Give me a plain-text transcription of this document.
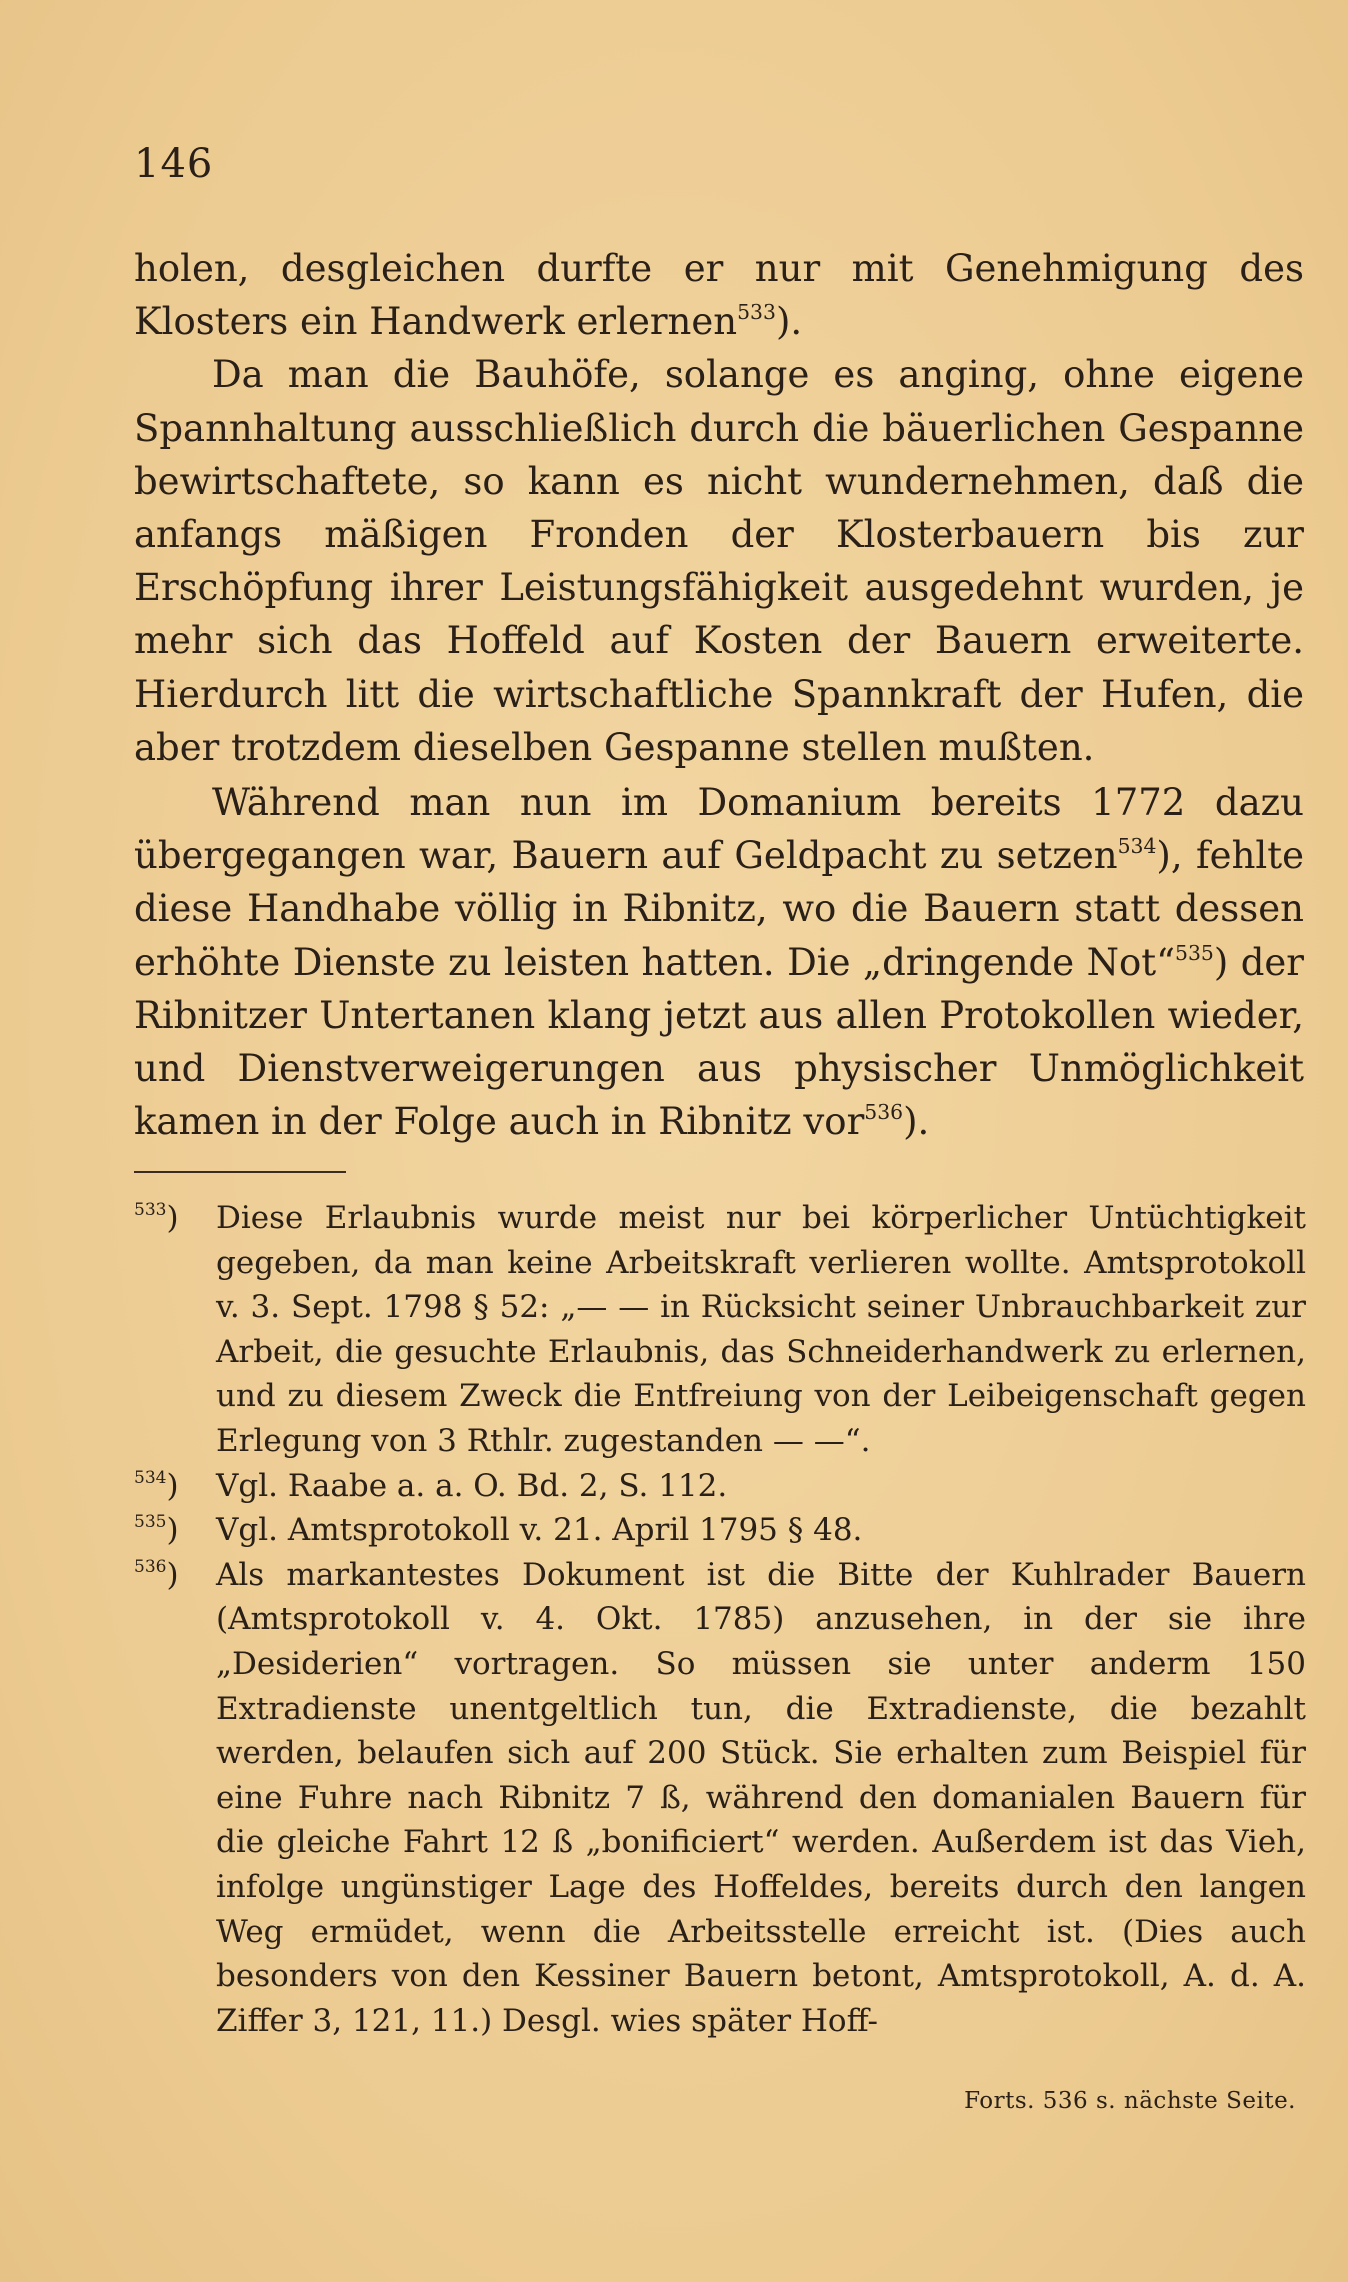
146

holen, desgleichen durfte er nur mit Genehmigung des Klosters ein Handwerk erlernen$^{533}$).

Da man die Bauhöfe, solange es anging, ohne eigene Spannhaltung ausschließlich durch die bäuerlichen Gespanne bewirtschaftete, so kann es nicht wundernehmen, daß die anfangs mäßigen Fronden der Klosterbauern bis zur Erschöpfung ihrer Leistungsfähigkeit ausgedehnt wurden, je mehr sich das Hoffeld auf Kosten der Bauern erweiterte. Hierdurch litt die wirtschaftliche Spannkraft der Hufen, die aber trotzdem dieselben Gespanne stellen mußten.

Während man nun im Domanium bereits 1772 dazu übergegangen war, Bauern auf Geldpacht zu setzen$^{534}$), fehlte diese Handhabe völlig in Ribnitz, wo die Bauern statt dessen erhöhte Dienste zu leisten hatten. Die „dringende Not“$^{535}$) der Ribnitzer Untertanen klang jetzt aus allen Protokollen wieder, und Dienstverweigerungen aus physischer Unmöglichkeit kamen in der Folge auch in Ribnitz vor$^{536}$).

$^{533}$)	Diese Erlaubnis wurde meist nur bei körperlicher Untüchtigkeit gegeben, da man keine Arbeitskraft verlieren wollte. Amtsprotokoll v. 3. Sept. 1798 § 52: „— — in Rücksicht seiner Unbrauchbarkeit zur Arbeit, die gesuchte Erlaubnis, das Schneiderhandwerk zu erlernen, und zu diesem Zweck die Entfreiung von der Leibeigenschaft gegen Erlegung von 3 Rthlr. zugestanden — —“.
$^{534}$)	Vgl. Raabe a. a. O. Bd. 2, S. 112.
$^{535}$)	Vgl. Amtsprotokoll v. 21. April 1795 § 48.
$^{536}$)	Als markantestes Dokument ist die Bitte der Kuhlrader Bauern (Amtsprotokoll v. 4. Okt. 1785) anzusehen, in der sie ihre „Desiderien“ vortragen. So müssen sie unter anderm 150 Extradienste unentgeltlich tun, die Extradienste, die bezahlt werden, belaufen sich auf 200 Stück. Sie erhalten zum Beispiel für eine Fuhre nach Ribnitz 7 ß, während den domanialen Bauern für die gleiche Fahrt 12 ß „bonificiert“ werden. Außerdem ist das Vieh, infolge ungünstiger Lage des Hoffeldes, bereits durch den langen Weg ermüdet, wenn die Arbeitsstelle erreicht ist. (Dies auch besonders von den Kessiner Bauern betont, Amtsprotokoll, A. d. A. Ziffer 3, 121, 11.) Desgl. wies später Hoff-
Forts. 536 s. nächste Seite.
